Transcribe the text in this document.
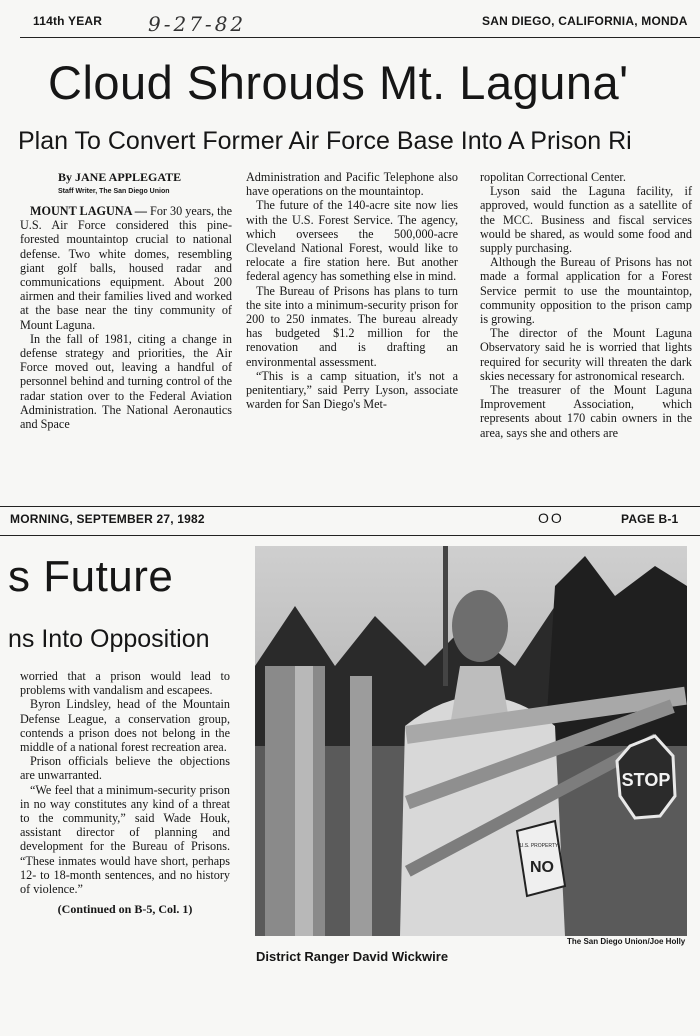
114th YEAR 9-27-82	SAN DIEGO, CALIFORNIA, MONDA
Cloud Shrouds Mt. Laguna'
Plan To Convert Former Air Force Base Into A Prison Ri
By JANE APPLEGATE
Staff Writer, The San Diego Union

MOUNT LAGUNA — For 30 years, the U.S. Air Force considered this pine-forested mountaintop crucial to national defense. Two white domes, resembling giant golf balls, housed radar and communications equipment. About 200 airmen and their families lived and worked at the base near the tiny community of Mount Laguna.

In the fall of 1981, citing a change in defense strategy and priorities, the Air Force moved out, leaving a handful of personnel behind and turning control of the radar station over to the Federal Aviation Administration. The National Aeronautics and Space

Administration and Pacific Telephone also have operations on the mountaintop.

The future of the 140-acre site now lies with the U.S. Forest Service. The agency, which oversees the 500,000-acre Cleveland National Forest, would like to relocate a fire station here. But another federal agency has something else in mind.

The Bureau of Prisons has plans to turn the site into a minimum-security prison for 200 to 250 inmates. The bureau already has budgeted $1.2 million for the renovation and is drafting an environmental assessment.

“This is a camp situation, it's not a penitentiary,” said Perry Lyson, associate warden for San Diego's Met-

ropolitan Correctional Center.

Lyson said the Laguna facility, if approved, would function as a satellite of the MCC. Business and fiscal services would be shared, as would some food and supply purchasing.

Although the Bureau of Prisons has not made a formal application for a Forest Service permit to use the mountaintop, community opposition to the prison camp is growing.

The director of the Mount Laguna Observatory said he is worried that lights required for security will threaten the dark skies necessary for astronomical research.

The treasurer of the Mount Laguna Improvement Association, which represents about 170 cabin owners in the area, says she and others are

MORNING, SEPTEMBER 27, 1982	OO	PAGE B-1
s Future
ns Into Opposition

worried that a prison would lead to problems with vandalism and escapees.

Byron Lindsley, head of the Mountain Defense League, a conservation group, contends a prison does not belong in the middle of a national forest recreation area.

Prison officials believe the objections are unwarranted.

“We feel that a minimum-security prison in no way constitutes any kind of a threat to the community,” said Wade Houk, assistant director of planning and development for the Bureau of Prisons. “These inmates would have short, perhaps 12- to 18-month sentences, and no history of violence.”

(Continued on B-5, Col. 1)
STOP
U.S. PROPERTY
NO
The San Diego Union/Joe Holly
District Ranger David Wickwire
